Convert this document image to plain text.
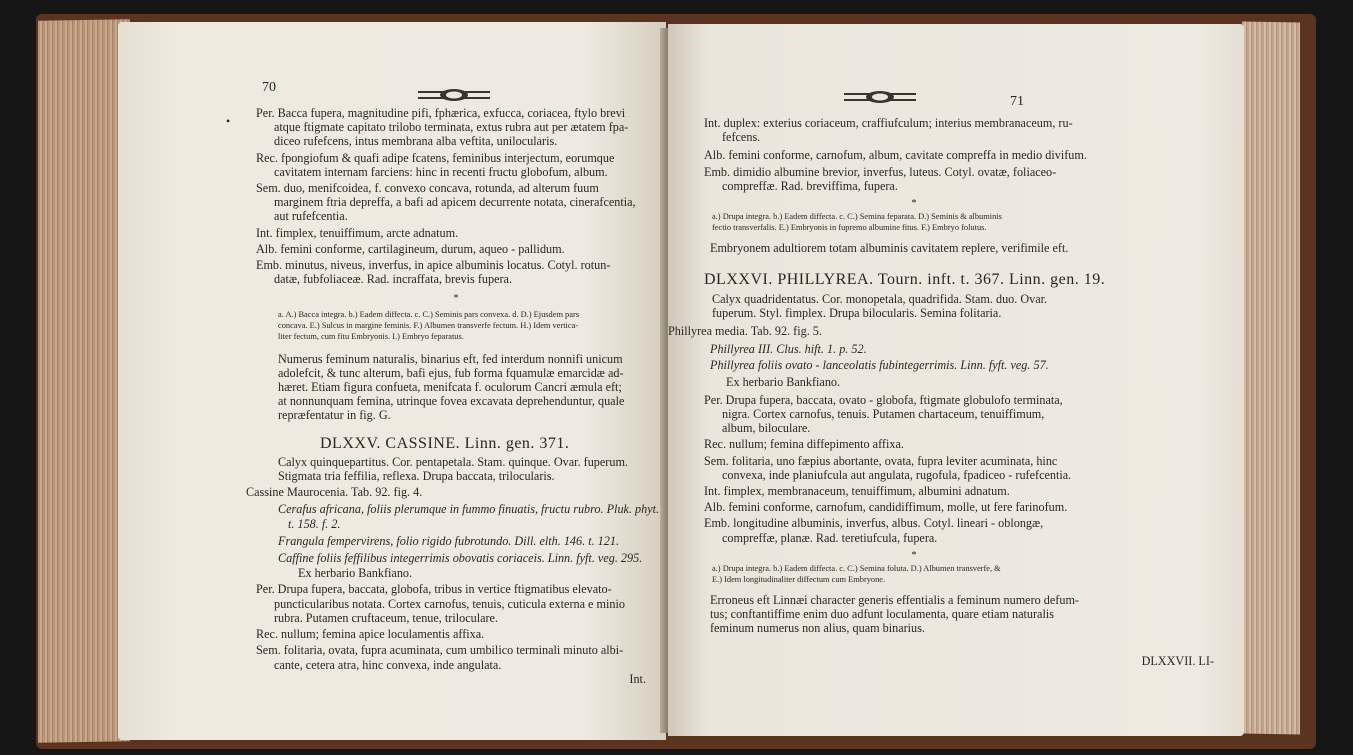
70
•
Per. Bacca fupera, magnitudine pifi, fphærica, exfucca, coriacea, ftylo brevi
atque ftigmate capitato trilobo terminata, extus rubra aut per ætatem fpa-
diceo rufefcens, intus membrana alba veftita, unilocularis.
Rec. fpongiofum & quafi adipe fcatens, feminibus interjectum, eorumque
cavitatem internam farciens: hinc in recenti fructu globofum, album.
Sem. duo, menifcoidea, f. convexo concava, rotunda, ad alterum fuum
marginem ftria depreffa, a bafi ad apicem decurrente notata, cinerafcentia,
aut rufefcentia.
Int. fimplex, tenuiffimum, arcte adnatum.
Alb. femini conforme, cartilagineum, durum, aqueo - pallidum.
Emb. minutus, niveus, inverfus, in apice albuminis locatus. Cotyl. rotun-
datæ, fubfoliaceæ. Rad. incraffata, brevis fupera.
*
a. A.) Bacca integra. b.) Eadem diffecta. c. C.) Seminis pars convexa. d. D.) Ejusdem pars
concava. E.) Sulcus in margine feminis. F.) Albumen transverfe fectum. H.) Idem vertica-
liter fectum, cum fitu Embryonis. I.) Embryo feparatus.
Numerus feminum naturalis, binarius eft, fed interdum nonnifi unicum
adolefcit, & tunc alterum, bafi ejus, fub forma fquamulæ emarcidæ ad-
hæret. Etiam figura confueta, menifcata f. oculorum Cancri æmula eft;
at nonnunquam femina, utrinque fovea excavata deprehenduntur, quale
repræfentatur in fig. G.
DLXXV. CASSINE. Linn. gen. 371.
Calyx quinquepartitus. Cor. pentapetala. Stam. quinque. Ovar. fuperum.
Stigmata tria feffilia, reflexa. Drupa baccata, trilocularis.
Cassine Maurocenia. Tab. 92. fig. 4.
Cerafus africana, foliis plerumque in fummo finuatis, fructu rubro. Pluk. phyt.
t. 158. f. 2.
Frangula fempervirens, folio rigido fubrotundo. Dill. elth. 146. t. 121.
Caffine foliis feffilibus integerrimis obovatis coriaceis. Linn. fyft. veg. 295.
Ex herbario Bankfiano.
Per. Drupa fupera, baccata, globofa, tribus in vertice ftigmatibus elevato-
puncticularibus notata. Cortex carnofus, tenuis, cuticula externa e minio
rubra. Putamen cruftaceum, tenue, triloculare.
Rec. nullum; femina apice loculamentis affixa.
Sem. folitaria, ovata, fupra acuminata, cum umbilico terminali minuto albi-
cante, cetera atra, hinc convexa, inde angulata.
Int.
71
Int. duplex: exterius coriaceum, craffiufculum; interius membranaceum, ru-
fefcens.
Alb. femini conforme, carnofum, album, cavitate compreffa in medio divifum.
Emb. dimidio albumine brevior, inverfus, luteus. Cotyl. ovatæ, foliaceo-
compreffæ. Rad. breviffima, fupera.
*
a.) Drupa integra. b.) Eadem diffecta. c. C.) Semina feparata. D.) Seminis & albuminis
fectio transverfalis. E.) Embryonis in fupremo albumine fitus. F.) Embryo folutus.
Embryonem adultiorem totam albuminis cavitatem replere, verifimile eft.
DLXXVI. PHILLYREA. Tourn. inft. t. 367. Linn. gen. 19.
Calyx quadridentatus. Cor. monopetala, quadrifida. Stam. duo. Ovar.
fuperum. Styl. fimplex. Drupa bilocularis. Semina folitaria.
Phillyrea media. Tab. 92. fig. 5.
Phillyrea III. Clus. hift. 1. p. 52.
Phillyrea foliis ovato - lanceolatis fubintegerrimis. Linn. fyft. veg. 57.
Ex herbario Bankfiano.
Per. Drupa fupera, baccata, ovato - globofa, ftigmate globulofo terminata,
nigra. Cortex carnofus, tenuis. Putamen chartaceum, tenuiffimum,
album, biloculare.
Rec. nullum; femina diffepimento affixa.
Sem. folitaria, uno fæpius abortante, ovata, fupra leviter acuminata, hinc
convexa, inde planiufcula aut angulata, rugofula, fpadiceo - rufefcentia.
Int. fimplex, membranaceum, tenuiffimum, albumini adnatum.
Alb. femini conforme, carnofum, candidiffimum, molle, ut fere farinofum.
Emb. longitudine albuminis, inverfus, albus. Cotyl. lineari - oblongæ,
compreffæ, planæ. Rad. teretiufcula, fupera.
*
a.) Drupa integra. b.) Eadem diffecta. c. C.) Semina foluta. D.) Albumen transverfe, &
E.) Idem longitudinaliter diffectum cum Embryone.
Erroneus eft Linnæi character generis effentialis a feminum numero defum-
tus; conftantiffime enim duo adfunt loculamenta, quare etiam naturalis
feminum numerus non alius, quam binarius.
DLXXVII. LI-
